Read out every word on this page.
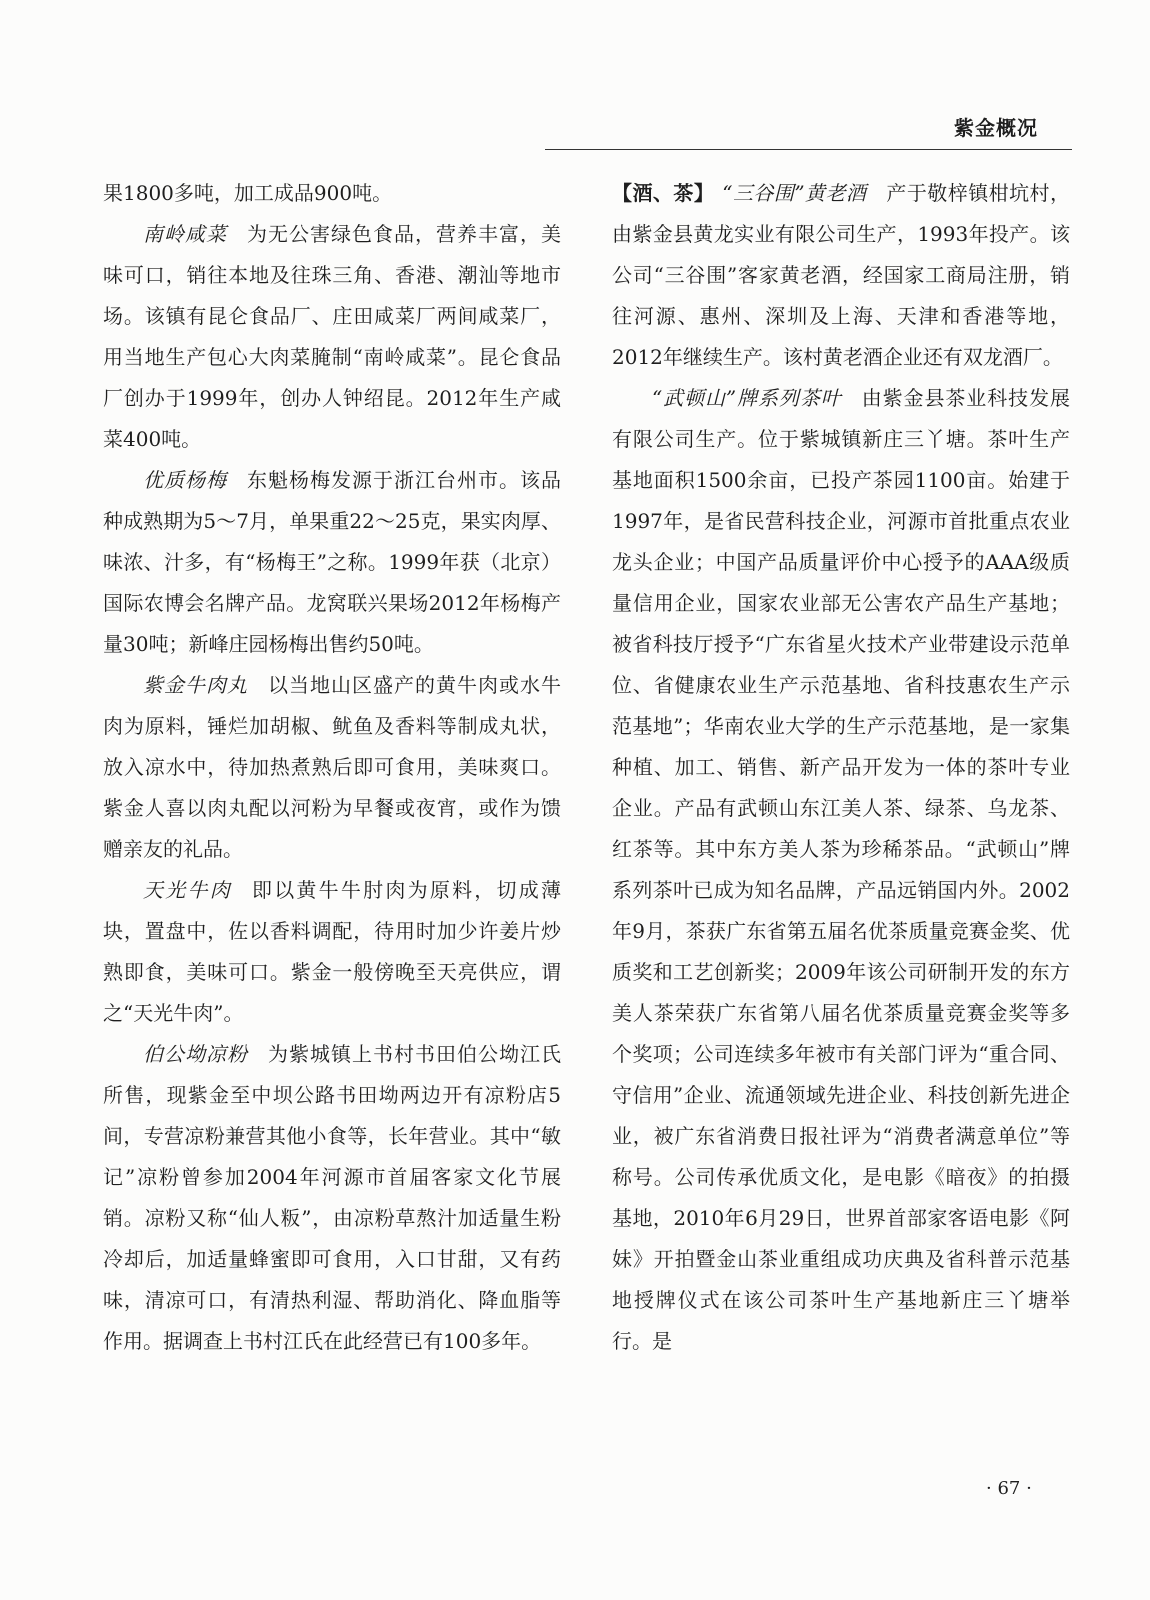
紫金概况

果1800多吨，加工成品900吨。

南岭咸菜 为无公害绿色食品，营养丰富，美味可口，销往本地及往珠三角、香港、潮汕等地市场。该镇有昆仑食品厂、庄田咸菜厂两间咸菜厂，用当地生产包心大肉菜腌制“南岭咸菜”。昆仑食品厂创办于1999年，创办人钟绍昆。2012年生产咸菜400吨。

优质杨梅 东魁杨梅发源于浙江台州市。该品种成熟期为5～7月，单果重22～25克，果实肉厚、味浓、汁多，有“杨梅王”之称。1999年获（北京）国际农博会名牌产品。龙窝联兴果场2012年杨梅产量30吨；新峰庄园杨梅出售约50吨。

紫金牛肉丸 以当地山区盛产的黄牛肉或水牛肉为原料，锤烂加胡椒、鱿鱼及香料等制成丸状，放入凉水中，待加热煮熟后即可食用，美味爽口。紫金人喜以肉丸配以河粉为早餐或夜宵，或作为馈赠亲友的礼品。

天光牛肉 即以黄牛牛肘肉为原料，切成薄块，置盘中，佐以香料调配，待用时加少许姜片炒熟即食，美味可口。紫金一般傍晚至天亮供应，谓之“天光牛肉”。

伯公坳凉粉 为紫城镇上书村书田伯公坳江氏所售，现紫金至中坝公路书田坳两边开有凉粉店5间，专营凉粉兼营其他小食等，长年营业。其中“敏记”凉粉曾参加2004年河源市首届客家文化节展销。凉粉又称“仙人粄”，由凉粉草熬汁加适量生粉冷却后，加适量蜂蜜即可食用，入口甘甜，又有药味，清凉可口，有清热利湿、帮助消化、降血脂等作用。据调查上书村江氏在此经营已有100多年。

【酒、茶】 “三谷围”黄老酒 产于敬梓镇柑坑村，由紫金县黄龙实业有限公司生产，1993年投产。该公司“三谷围”客家黄老酒，经国家工商局注册，销往河源、惠州、深圳及上海、天津和香港等地，2012年继续生产。该村黄老酒企业还有双龙酒厂。

“武顿山”牌系列茶叶 由紫金县茶业科技发展有限公司生产。位于紫城镇新庄三丫塘。茶叶生产基地面积1500余亩，已投产茶园1100亩。始建于1997年，是省民营科技企业，河源市首批重点农业龙头企业；中国产品质量评价中心授予的AAA级质量信用企业，国家农业部无公害农产品生产基地；被省科技厅授予“广东省星火技术产业带建设示范单位、省健康农业生产示范基地、省科技惠农生产示范基地”；华南农业大学的生产示范基地，是一家集种植、加工、销售、新产品开发为一体的茶叶专业企业。产品有武顿山东江美人茶、绿茶、乌龙茶、红茶等。其中东方美人茶为珍稀茶品。“武顿山”牌系列茶叶已成为知名品牌，产品远销国内外。2002年9月，茶获广东省第五届名优茶质量竞赛金奖、优质奖和工艺创新奖；2009年该公司研制开发的东方美人茶荣获广东省第八届名优茶质量竞赛金奖等多个奖项；公司连续多年被市有关部门评为“重合同、守信用”企业、流通领域先进企业、科技创新先进企业，被广东省消费日报社评为“消费者满意单位”等称号。公司传承优质文化，是电影《暗夜》的拍摄基地，2010年6月29日，世界首部家客语电影《阿妹》开拍暨金山茶业重组成功庆典及省科普示范基地授牌仪式在该公司茶叶生产基地新庄三丫塘举行。是

· 67 ·
